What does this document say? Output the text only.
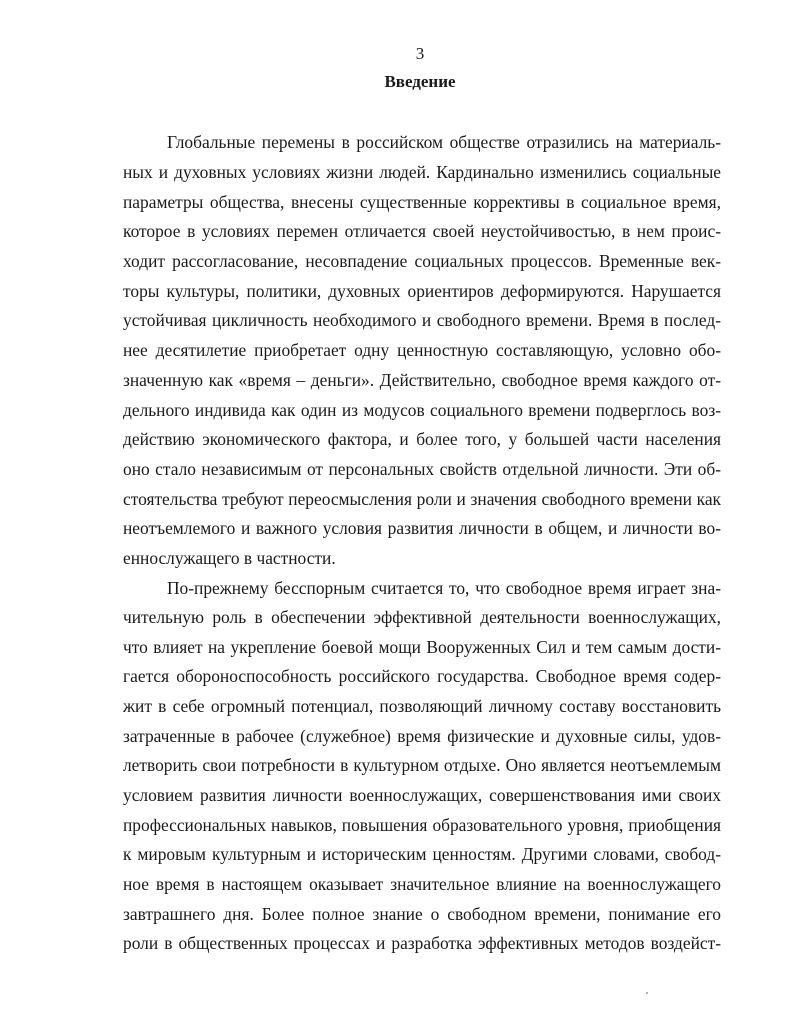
3
Введение
Глобальные перемены в российском обществе отразились на материаль-
ных и духовных условиях жизни людей. Кардинально изменились социальные
параметры общества, внесены существенные коррективы в социальное время,
которое в условиях перемен отличается своей неустойчивостью, в нем проис-
ходит рассогласование, несовпадение социальных процессов. Временные век-
торы культуры, политики, духовных ориентиров деформируются. Нарушается
устойчивая цикличность необходимого и свободного времени. Время в послед-
нее десятилетие приобретает одну ценностную составляющую, условно обо-
значенную как «время – деньги». Действительно, свободное время каждого от-
дельного индивида как один из модусов социального времени подверглось воз-
действию экономического фактора, и более того, у большей части населения
оно стало независимым от персональных свойств отдельной личности. Эти об-
стоятельства требуют переосмысления роли и значения свободного времени как
неотъемлемого и важного условия развития личности в общем, и личности во-
еннослужащего в частности.
По-прежнему бесспорным считается то, что свободное время играет зна-
чительную роль в обеспечении эффективной деятельности военнослужащих,
что влияет на укрепление боевой мощи Вооруженных Сил и тем самым дости-
гается обороноспособность российского государства. Свободное время содер-
жит в себе огромный потенциал, позволяющий личному составу восстановить
затраченные в рабочее (служебное) время физические и духовные силы, удов-
летворить свои потребности в культурном отдыхе. Оно является неотъемлемым
условием развития личности военнослужащих, совершенствования ими своих
профессиональных навыков, повышения образовательного уровня, приобщения
к мировым культурным и историческим ценностям. Другими словами, свобод-
ное время в настоящем оказывает значительное влияние на военнослужащего
завтрашнего дня. Более полное знание о свободном времени, понимание его
роли в общественных процессах и разработка эффективных методов воздейст-
